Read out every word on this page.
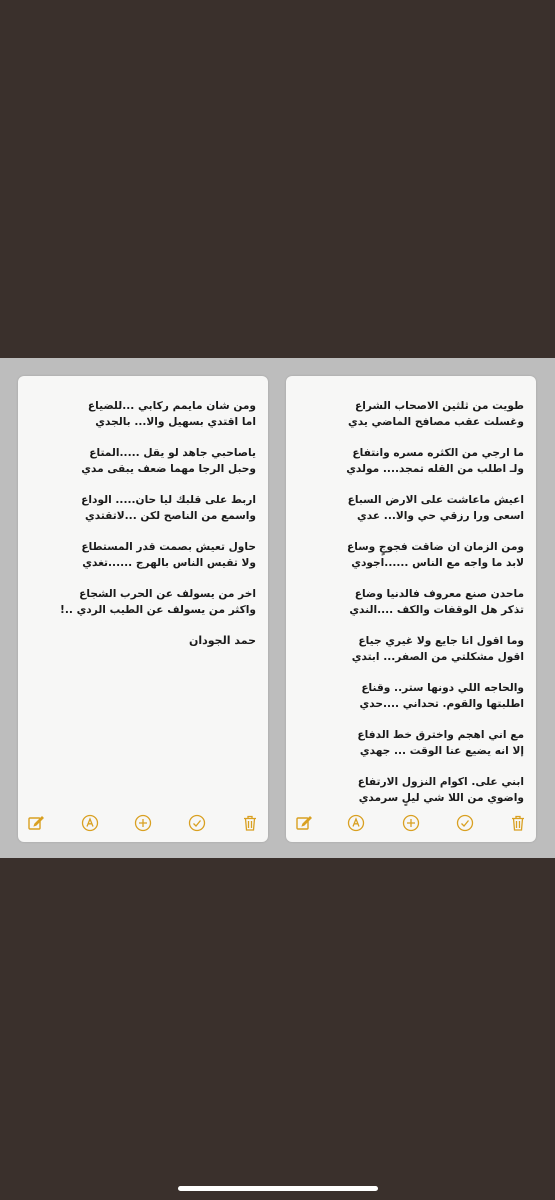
ومن شان مايمم ركابي ...للضياع
اما اقتدي بسهيل والا... بالجدي
ياصاحبي جاهد لو يقل .....المتاع
وحبل الرجا مهما ضعف يبقى مدي
اربط على قلبك ليا حان..... الوداع
واسمع من الناصح لكن ...لاتقتدي
حاول تعيش بصمت قدر المستطاع
ولا تقيس الناس بالهرج ......تغدي
اخر من يسولف عن الحرب الشجاع
واكثر من يسولف عن الطيب الردي ..!
حمد الجودان
طويت من ثلثين الاصحاب الشراع
وغسلت عقب مصافح الماضي يدي
ما ارجي من الكثره مسره وانتفاع
ولـ اطلب من القله تمجد.... مولدي
اعيش ماعاشت على الارض السباع
اسعى ورا رزقي حي والا... عدي
ومن الزمان ان ضاقت فجوجٍ وساع
لابد ما واجه مع الناس ......اجودي
ماحدن صنع معروف فالدنيا وضاع
تذكر هل الوقفات والكف ....الندي
وما اقول انا جايع ولا غيري جياع
اقول مشكلتي من الصفر... ابتدي
والحاجه اللي دونها ستر.. وقناع
اطلبتها والقوم. تحداني ....حدي
مع اني اهجم واخترق خط الدفاع
إلا انه يضيع عنا الوقت ... جهدي
ابني على. اكوام النزول الارتفاع
واضوي من اللا شي ليلٍ سرمدي
